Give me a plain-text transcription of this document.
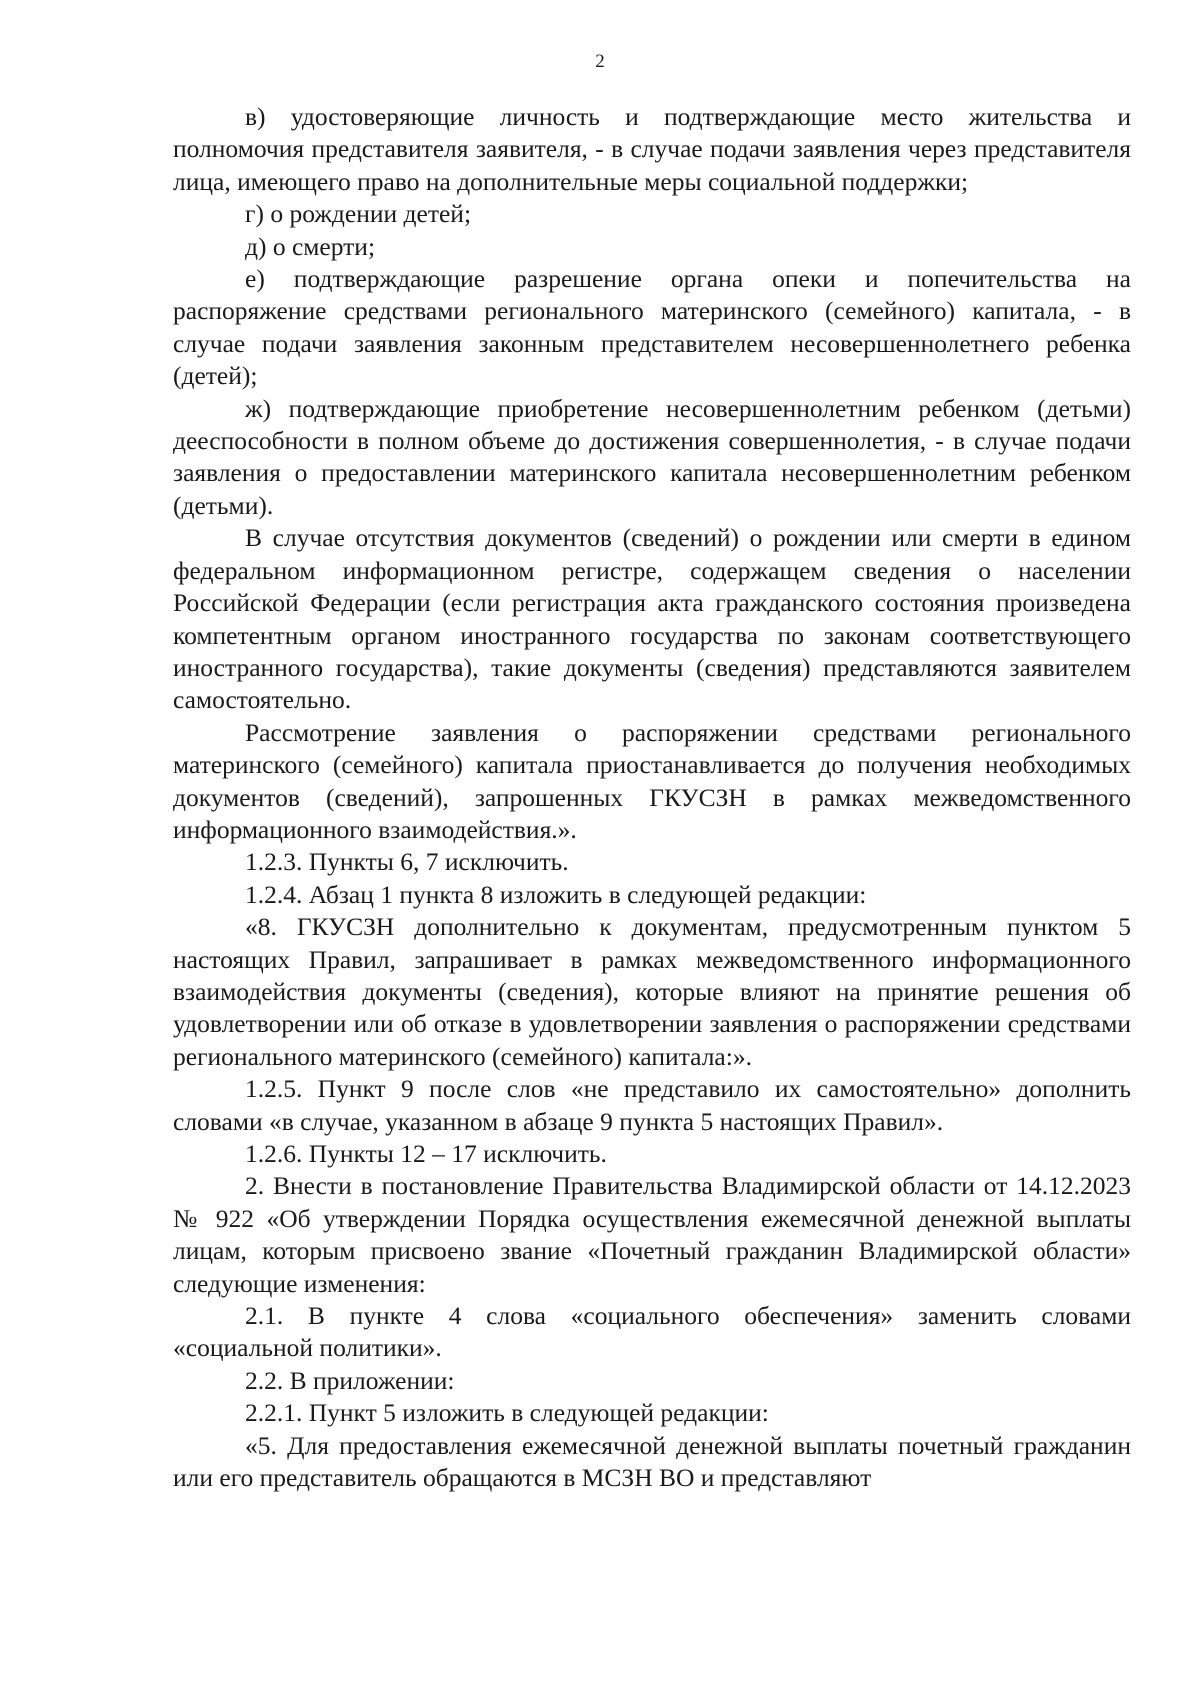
2

в) удостоверяющие личность и подтверждающие место жительства и полномочия представителя заявителя, - в случае подачи заявления через представителя лица, имеющего право на дополнительные меры социальной поддержки;

г) о рождении детей;

д) о смерти;

е) подтверждающие разрешение органа опеки и попечительства на распоряжение средствами регионального материнского (семейного) капитала, - в случае подачи заявления законным представителем несовершеннолетнего ребенка (детей);

ж) подтверждающие приобретение несовершеннолетним ребенком (детьми) дееспособности в полном объеме до достижения совершеннолетия, - в случае подачи заявления о предоставлении материнского капитала несовершеннолетним ребенком (детьми).

В случае отсутствия документов (сведений) о рождении или смерти в едином федеральном информационном регистре, содержащем сведения о населении Российской Федерации (если регистрация акта гражданского состояния произведена компетентным органом иностранного государства по законам соответствующего иностранного государства), такие документы (сведения) представляются заявителем самостоятельно.

Рассмотрение заявления о распоряжении средствами регионального материнского (семейного) капитала приостанавливается до получения необходимых документов (сведений), запрошенных ГКУСЗН в рамках межведомственного информационного взаимодействия.».

1.2.3. Пункты 6, 7 исключить.

1.2.4. Абзац 1 пункта 8 изложить в следующей редакции:

«8. ГКУСЗН дополнительно к документам, предусмотренным пунктом 5 настоящих Правил, запрашивает в рамках межведомственного информационного взаимодействия документы (сведения), которые влияют на принятие решения об удовлетворении или об отказе в удовлетворении заявления о распоряжении средствами регионального материнского (семейного) капитала:».

1.2.5. Пункт 9 после слов «не представило их самостоятельно» дополнить словами «в случае, указанном в абзаце 9 пункта 5 настоящих Правил».

1.2.6. Пункты 12 – 17 исключить.

2. Внести в постановление Правительства Владимирской области от 14.12.2023 № 922 «Об утверждении Порядка осуществления ежемесячной денежной выплаты лицам, которым присвоено звание «Почетный гражданин Владимирской области» следующие изменения:

2.1. В пункте 4 слова «социального обеспечения» заменить словами «социальной политики».

2.2. В приложении:

2.2.1. Пункт 5 изложить в следующей редакции:

«5. Для предоставления ежемесячной денежной выплаты почетный гражданин или его представитель обращаются в МСЗН ВО и представляют
